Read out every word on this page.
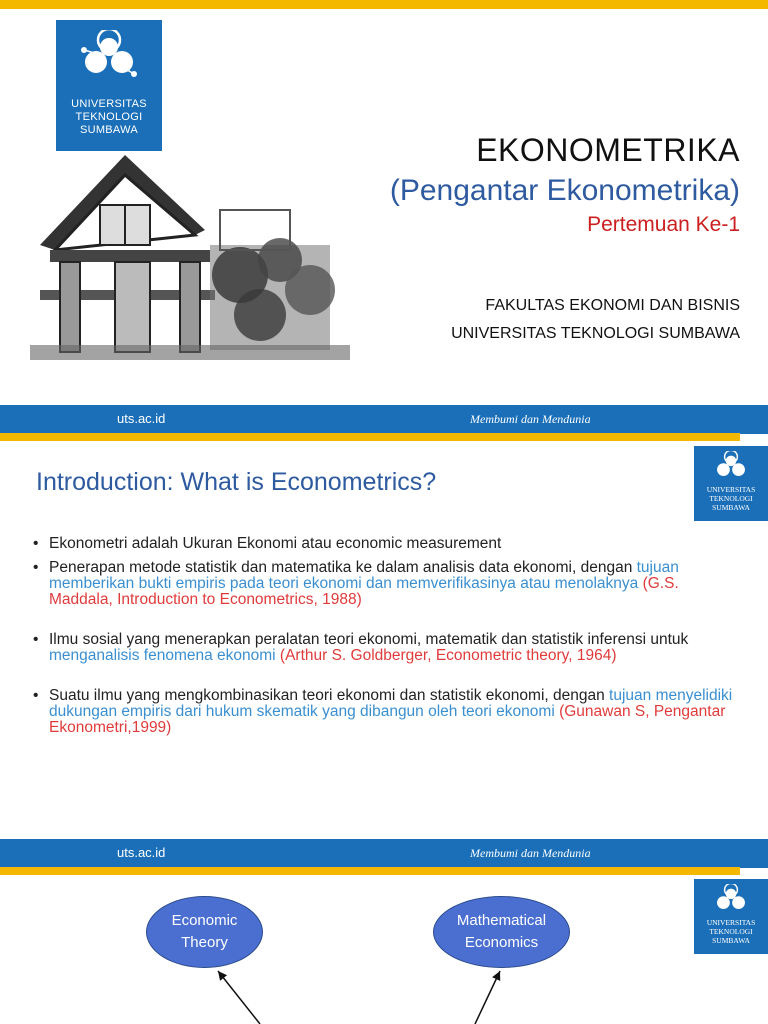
UNIVERSITAS
TEKNOLOGI
SUMBAWA
EKONOMETRIKA
(Pengantar Ekonometrika)
Pertemuan Ke-1
FAKULTAS EKONOMI DAN BISNIS
UNIVERSITAS TEKNOLOGI SUMBAWA
uts.ac.id	Membumi dan Mendunia
Introduction: What is Econometrics?	UNIVERSITAS
TEKNOLOGI
SUMBAWA
• Ekonometri adalah Ukuran Ekonomi atau economic measurement
• Penerapan metode statistik dan matematika ke dalam analisis data ekonomi, dengan tujuan memberikan bukti empiris pada teori ekonomi dan memverifikasinya atau menolaknya (G.S. Maddala, Introduction to Econometrics, 1988)
• Ilmu sosial yang menerapkan peralatan teori ekonomi, matematik dan statistik inferensi untuk menganalisis fenomena ekonomi (Arthur S. Goldberger, Econometric theory, 1964)
• Suatu ilmu yang mengkombinasikan teori ekonomi dan statistik ekonomi, dengan tujuan menyelidiki dukungan empiris dari hukum skematik yang dibangun oleh teori ekonomi (Gunawan S, Pengantar Ekonometri,1999)
uts.ac.id	Membumi dan Mendunia
UNIVERSITAS
TEKNOLOGI
SUMBAWA
Economic
Theory
Mathematical
Economics
